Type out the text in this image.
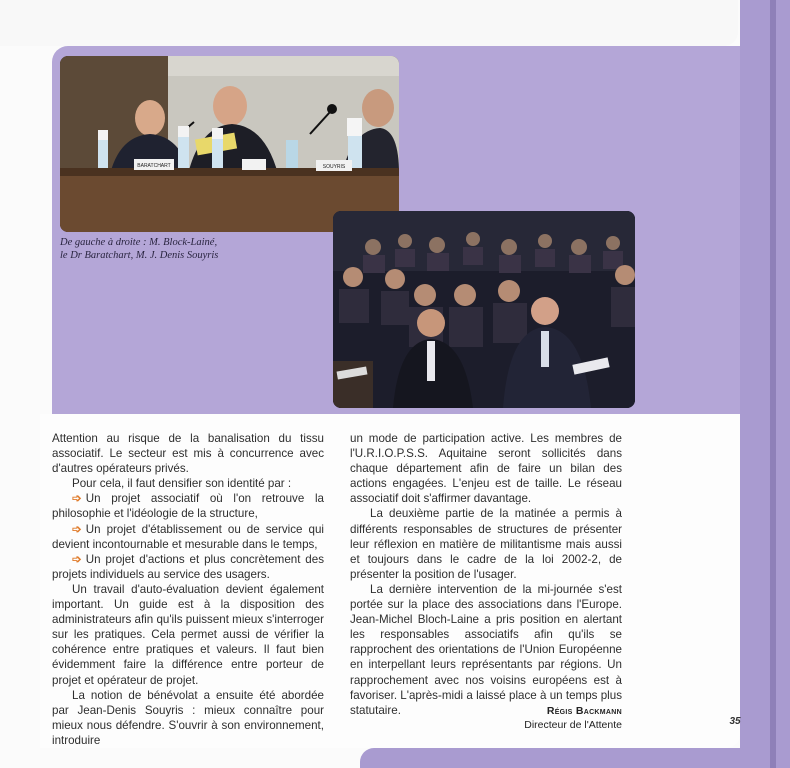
BARATCHART	SOUYRIS
De gauche à droite : M. Block-Lainé,
le Dr Baratchart, M. J. Denis Souyris

Attention au risque de la banalisation du tissu associatif. Le secteur est mis à concurrence avec d'autres opérateurs privés.

Pour cela, il faut densifier son identité par :

➩ Un projet associatif où l'on retrouve la philosophie et l'idéologie de la structure,

➩ Un projet d'établissement ou de service qui devient incontournable et mesurable dans le temps,

➩ Un projet d'actions et plus concrètement des projets individuels au service des usagers.

Un travail d'auto-évaluation devient également important. Un guide est à la disposition des administrateurs afin qu'ils puissent mieux s'interroger sur les pratiques. Cela permet aussi de vérifier la cohérence entre pratiques et valeurs. Il faut bien évidemment faire la différence entre porteur de projet et opérateur de projet.

La notion de bénévolat a ensuite été abordée par Jean-Denis Souyris : mieux connaître pour mieux nous défendre. S'ouvrir à son environnement, introduire

un mode de participation active. Les membres de l'U.R.I.O.P.S.S. Aquitaine seront sollicités dans chaque département afin de faire un bilan des actions engagées. L'enjeu est de taille. Le réseau associatif doit s'affirmer davantage.

La deuxième partie de la matinée a permis à différents responsables de structures de présenter leur réflexion en matière de militantisme mais aussi et toujours dans le cadre de la loi 2002-2, de présenter la position de l'usager.

La dernière intervention de la mi-journée s'est portée sur la place des associations dans l'Europe. Jean-Michel Bloch-Laine a pris position en alertant les responsables associatifs afin qu'ils se rapprochent des orientations de l'Union Européenne en interpellant leurs représentants par régions. Un rapprochement avec nos voisins européens est à favoriser. L'après-midi a laissé place à un temps plus statutaire.	Régis Backmann
Directeur de l'Attente	35
